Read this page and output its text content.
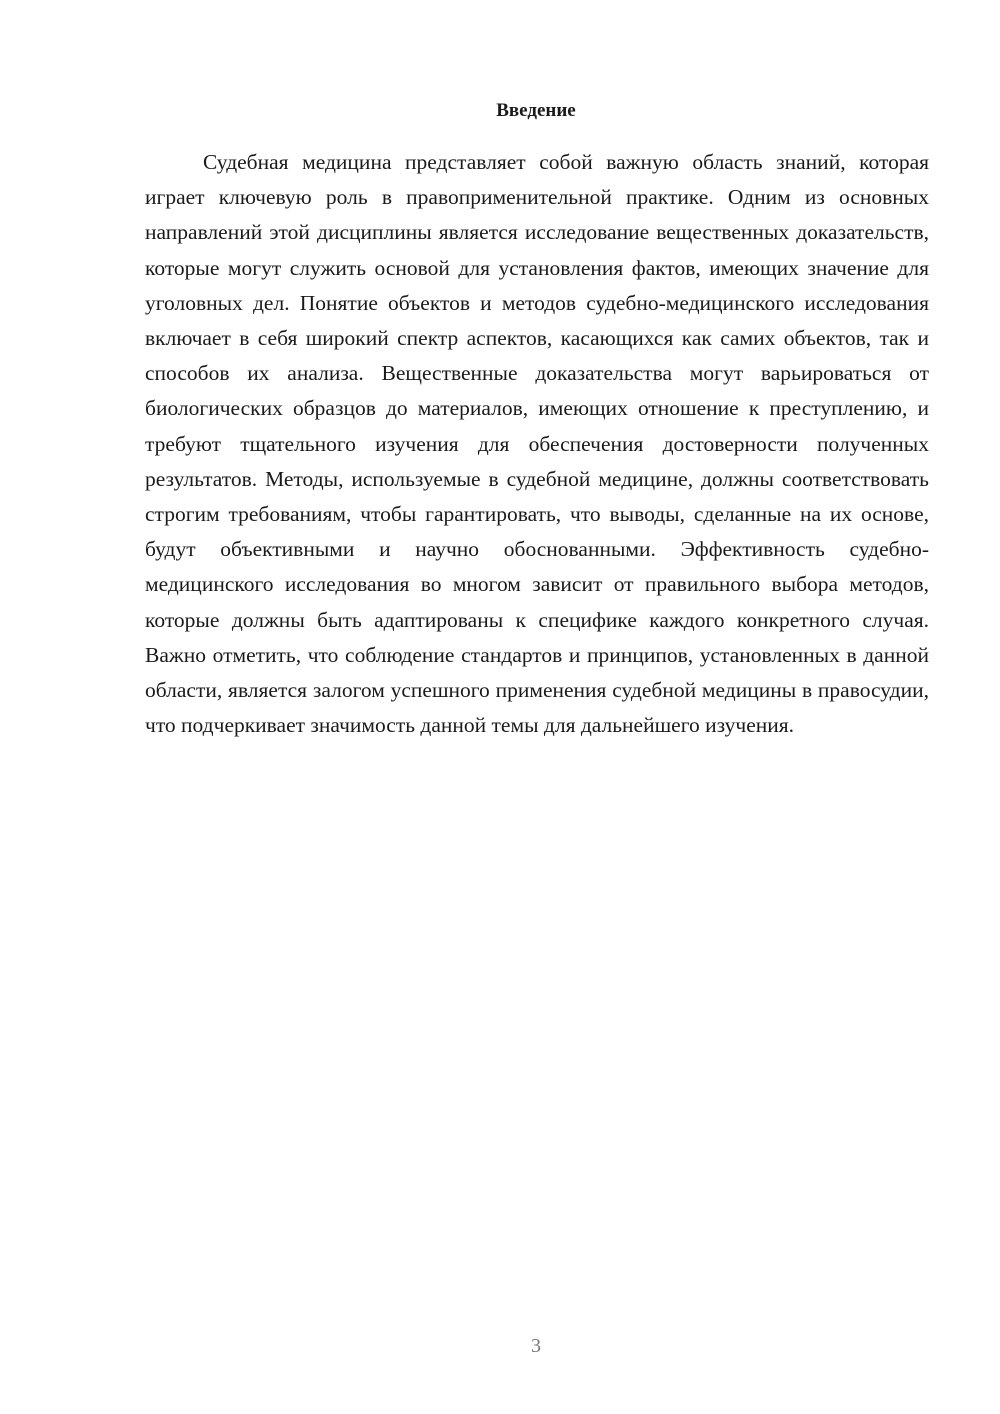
Введение

Судебная медицина представляет собой важную область знаний, которая играет ключевую роль в правоприменительной практике. Одним из основных направлений этой дисциплины является исследование вещественных доказательств, которые могут служить основой для установления фактов, имеющих значение для уголовных дел. Понятие объектов и методов судебно-медицинского исследования включает в себя широкий спектр аспектов, касающихся как самих объектов, так и способов их анализа. Вещественные доказательства могут варьироваться от биологических образцов до материалов, имеющих отношение к преступлению, и требуют тщательного изучения для обеспечения достоверности полученных результатов. Методы, используемые в судебной медицине, должны соответствовать строгим требованиям, чтобы гарантировать, что выводы, сделанные на их основе, будут объективными и научно обоснованными. Эффективность судебно-медицинского исследования во многом зависит от правильного выбора методов, которые должны быть адаптированы к специфике каждого конкретного случая. Важно отметить, что соблюдение стандартов и принципов, установленных в данной области, является залогом успешного применения судебной медицины в правосудии, что подчеркивает значимость данной темы для дальнейшего изучения.

3
